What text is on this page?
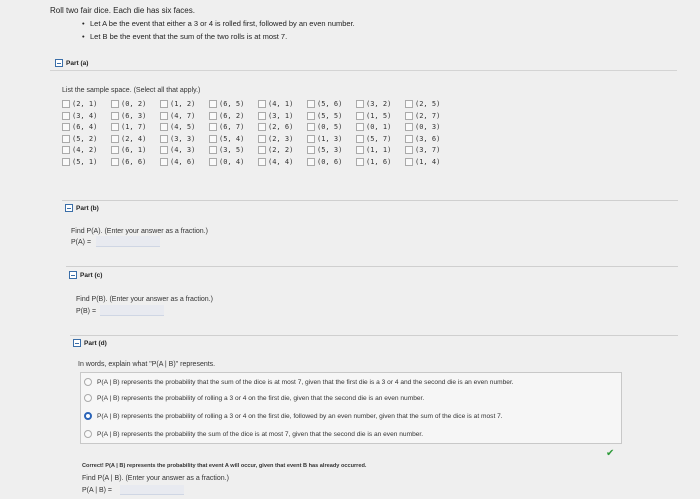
Roll two fair dice. Each die has six faces.
• Let A be the event that either a 3 or 4 is rolled first, followed by an even number.
• Let B be the event that the sum of the two rolls is at most 7.
Part (a)
List the sample space. (Select all that apply.)
(2, 1)	(0, 2)	(1, 2)	(6, 5)	(4, 1)	(5, 6)	(3, 2)	(2, 5)
(3, 4)	(6, 3)	(4, 7)	(6, 2)	(3, 1)	(5, 5)	(1, 5)	(2, 7)
(6, 4)	(1, 7)	(4, 5)	(6, 7)	(2, 6)	(0, 5)	(0, 1)	(0, 3)
(5, 2)	(2, 4)	(3, 3)	(5, 4)	(2, 3)	(1, 3)	(5, 7)	(3, 6)
(4, 2)	(6, 1)	(4, 3)	(3, 5)	(2, 2)	(5, 3)	(1, 1)	(3, 7)
(5, 1)	(6, 6)	(4, 6)	(0, 4)	(4, 4)	(0, 6)	(1, 6)	(1, 4)
Part (b)
Find P(A). (Enter your answer as a fraction.)
P(A) =
Part (c)
Find P(B). (Enter your answer as a fraction.)
P(B) =
Part (d)
In words, explain what "P(A | B)" represents.
P(A | B) represents the probability that the sum of the dice is at most 7, given that the first die is a 3 or 4 and the second die is an even number.
P(A | B) represents the probability of rolling a 3 or 4 on the first die, given that the second die is an even number.
P(A | B) represents the probability of rolling a 3 or 4 on the first die, followed by an even number, given that the sum of the dice is at most 7.
P(A | B) represents the probability the sum of the dice is at most 7, given that the second die is an even number.
✔
Correct! P(A | B) represents the probability that event A will occur, given that event B has already occurred.
Find P(A | B). (Enter your answer as a fraction.)
P(A | B) =
